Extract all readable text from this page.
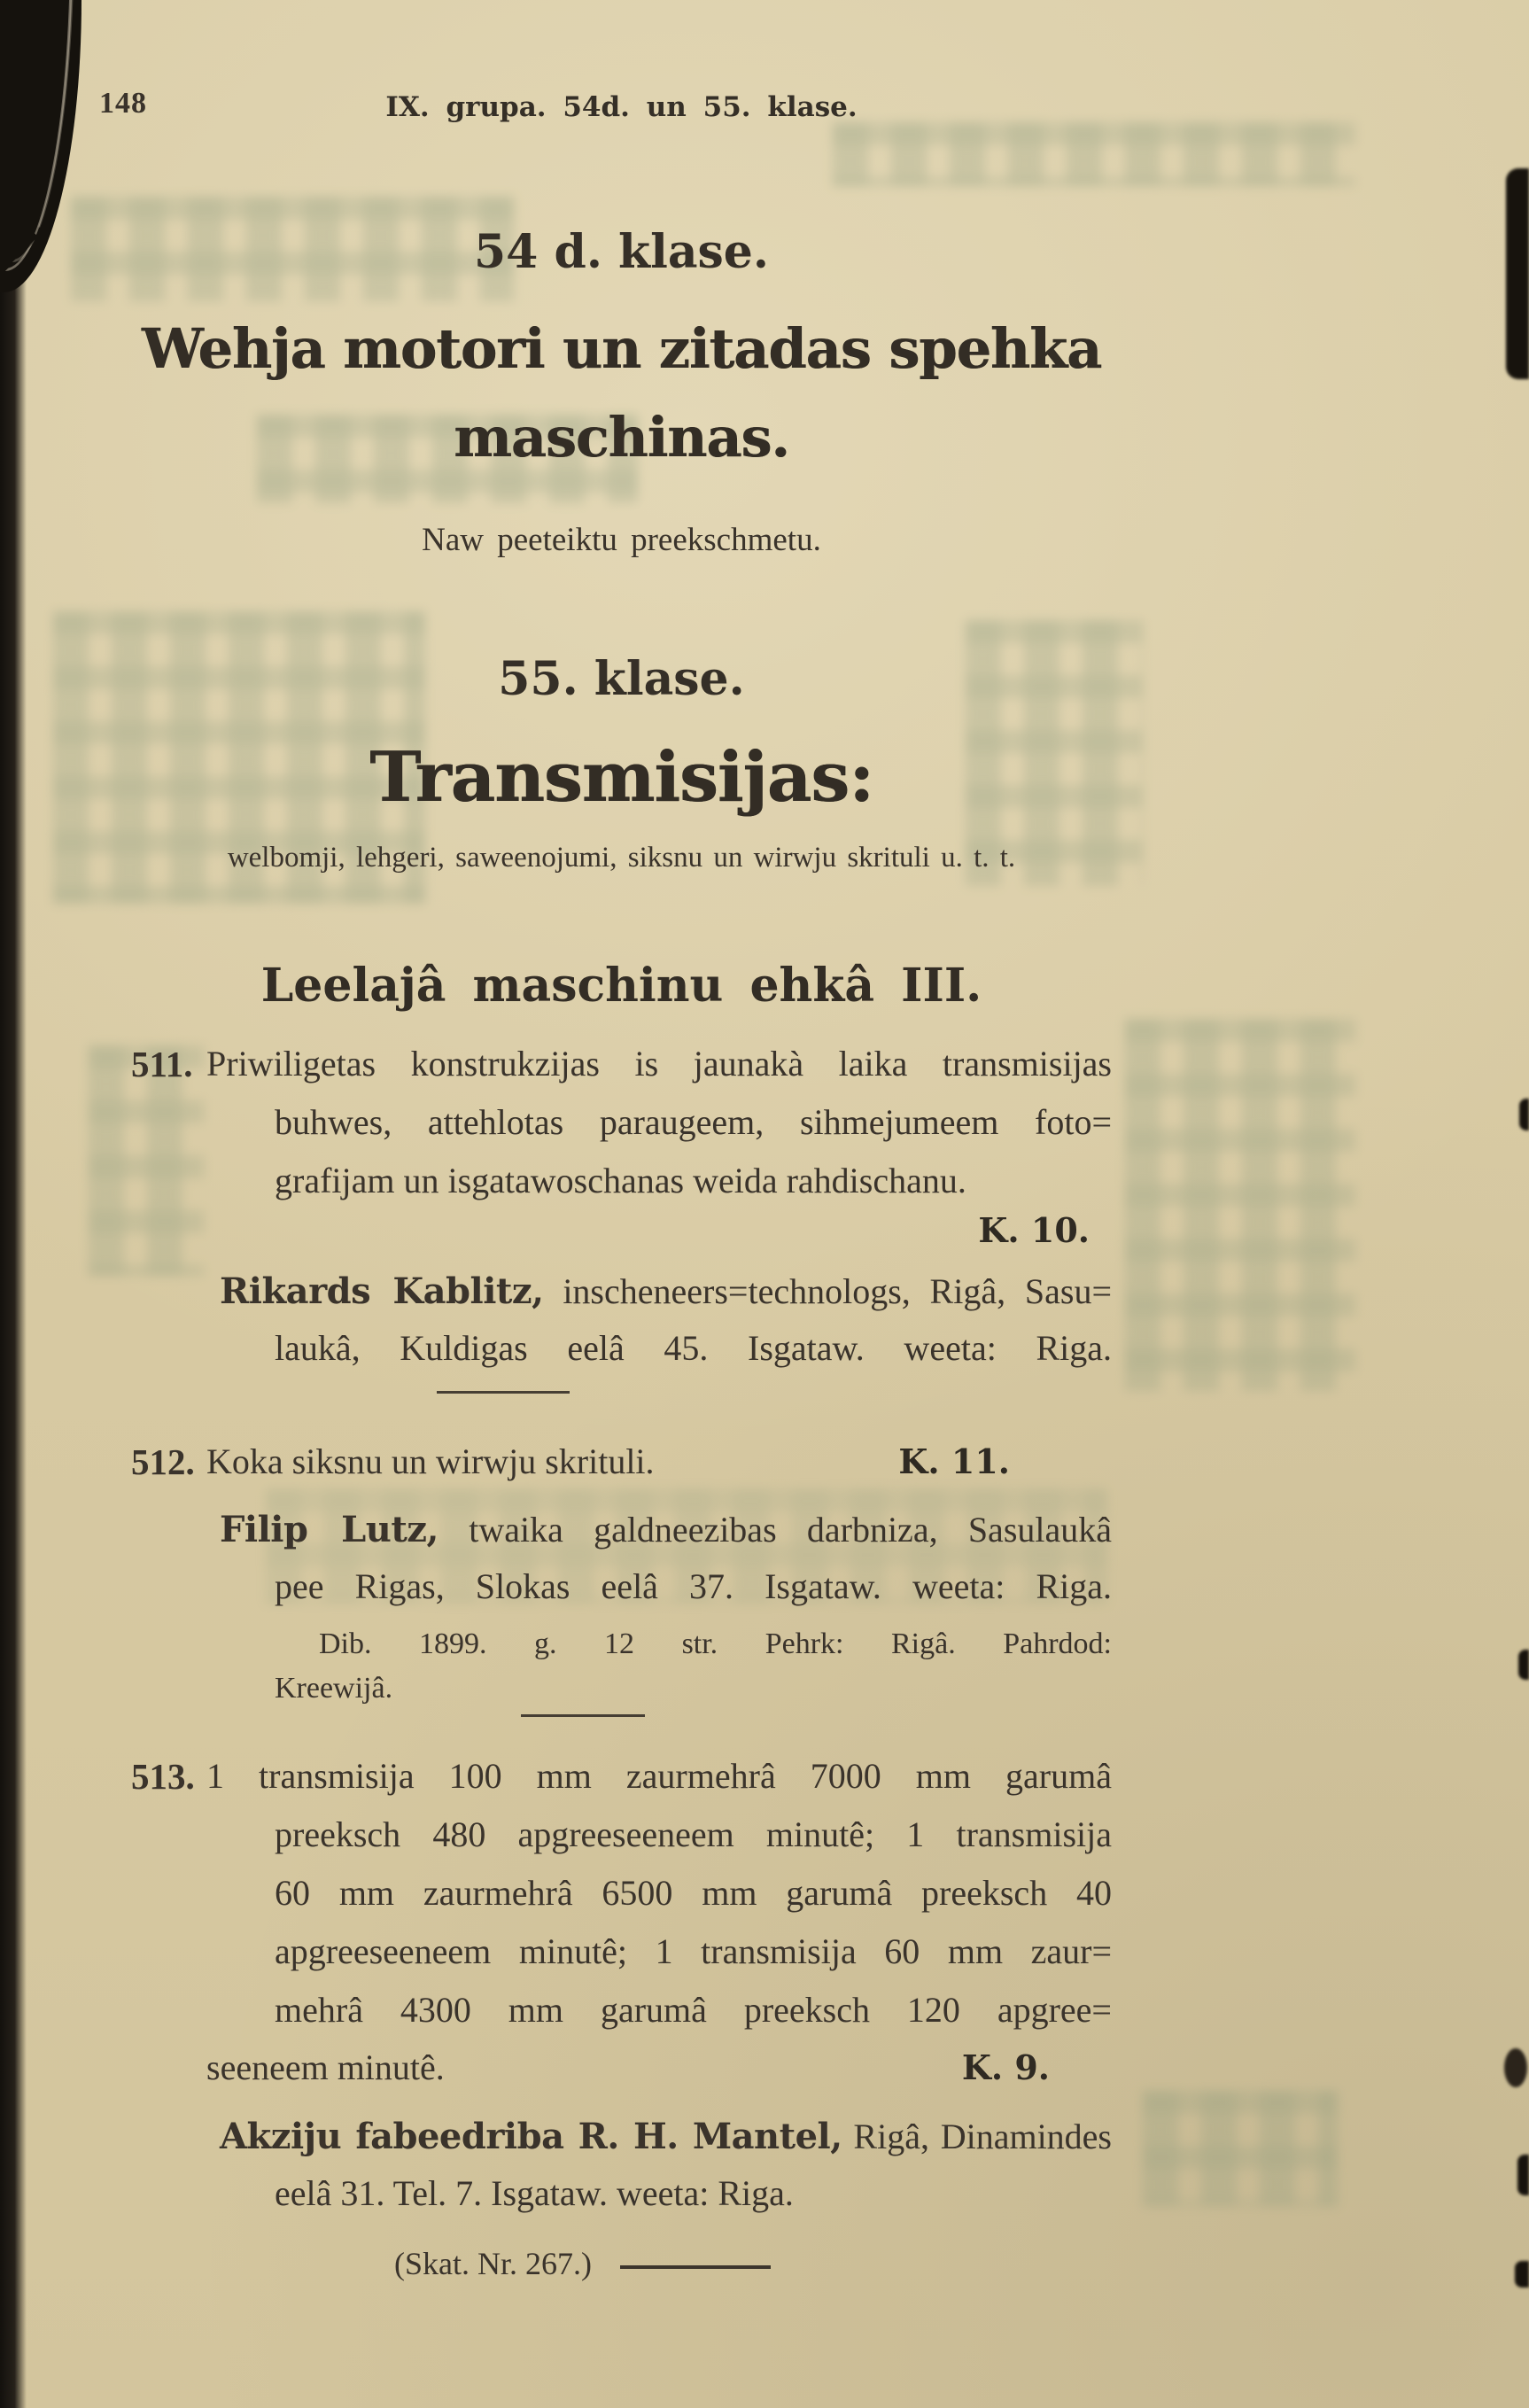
148	IX. grupa. 54d. un 55. klase.
54 d. klase.
Wehja motori un zitadas spehka
maschinas.
Naw peeteiktu preekschmetu.
55. klase.
Transmisijas:
welbomji, lehgeri, saweenojumi, siksnu un wirwju skrituli u. t. t.
Leelajâ maschinu ehkâ III.
511. Priwiligetas konstrukzijas is jaunakà laika transmisijas
buhwes, attehlotas paraugeem, sihmejumeem foto=
grafijam un isgatawoschanas weida rahdischanu.
K. 10.
Rikards Kablitz, inscheneers=technologs, Rigâ, Sasu=
laukâ, Kuldigas eelâ 45. Isgataw. weeta: Riga.
512. Koka siksnu un wirwju skrituli.	K. 11.
Filip Lutz, twaika galdneezibas darbniza, Sasulaukâ
pee Rigas, Slokas eelâ 37. Isgataw. weeta: Riga.
Dib. 1899. g. 12 str. Pehrk: Rigâ. Pahrdod:
Kreewijâ.
513. 1 transmisija 100 mm zaurmehrâ 7000 mm garumâ
preeksch 480 apgreeseeneem minutê; 1 transmisija
60 mm zaurmehrâ 6500 mm garumâ preeksch 40
apgreeseeneem minutê; 1 transmisija 60 mm zaur=
mehrâ 4300 mm garumâ preeksch 120 apgree=
seeneem minutê.	K. 9.
Akziju fabeedriba R. H. Mantel, Rigâ, Dinamindes
eelâ 31. Tel. 7. Isgataw. weeta: Riga.
(Skat. Nr. 267.)
